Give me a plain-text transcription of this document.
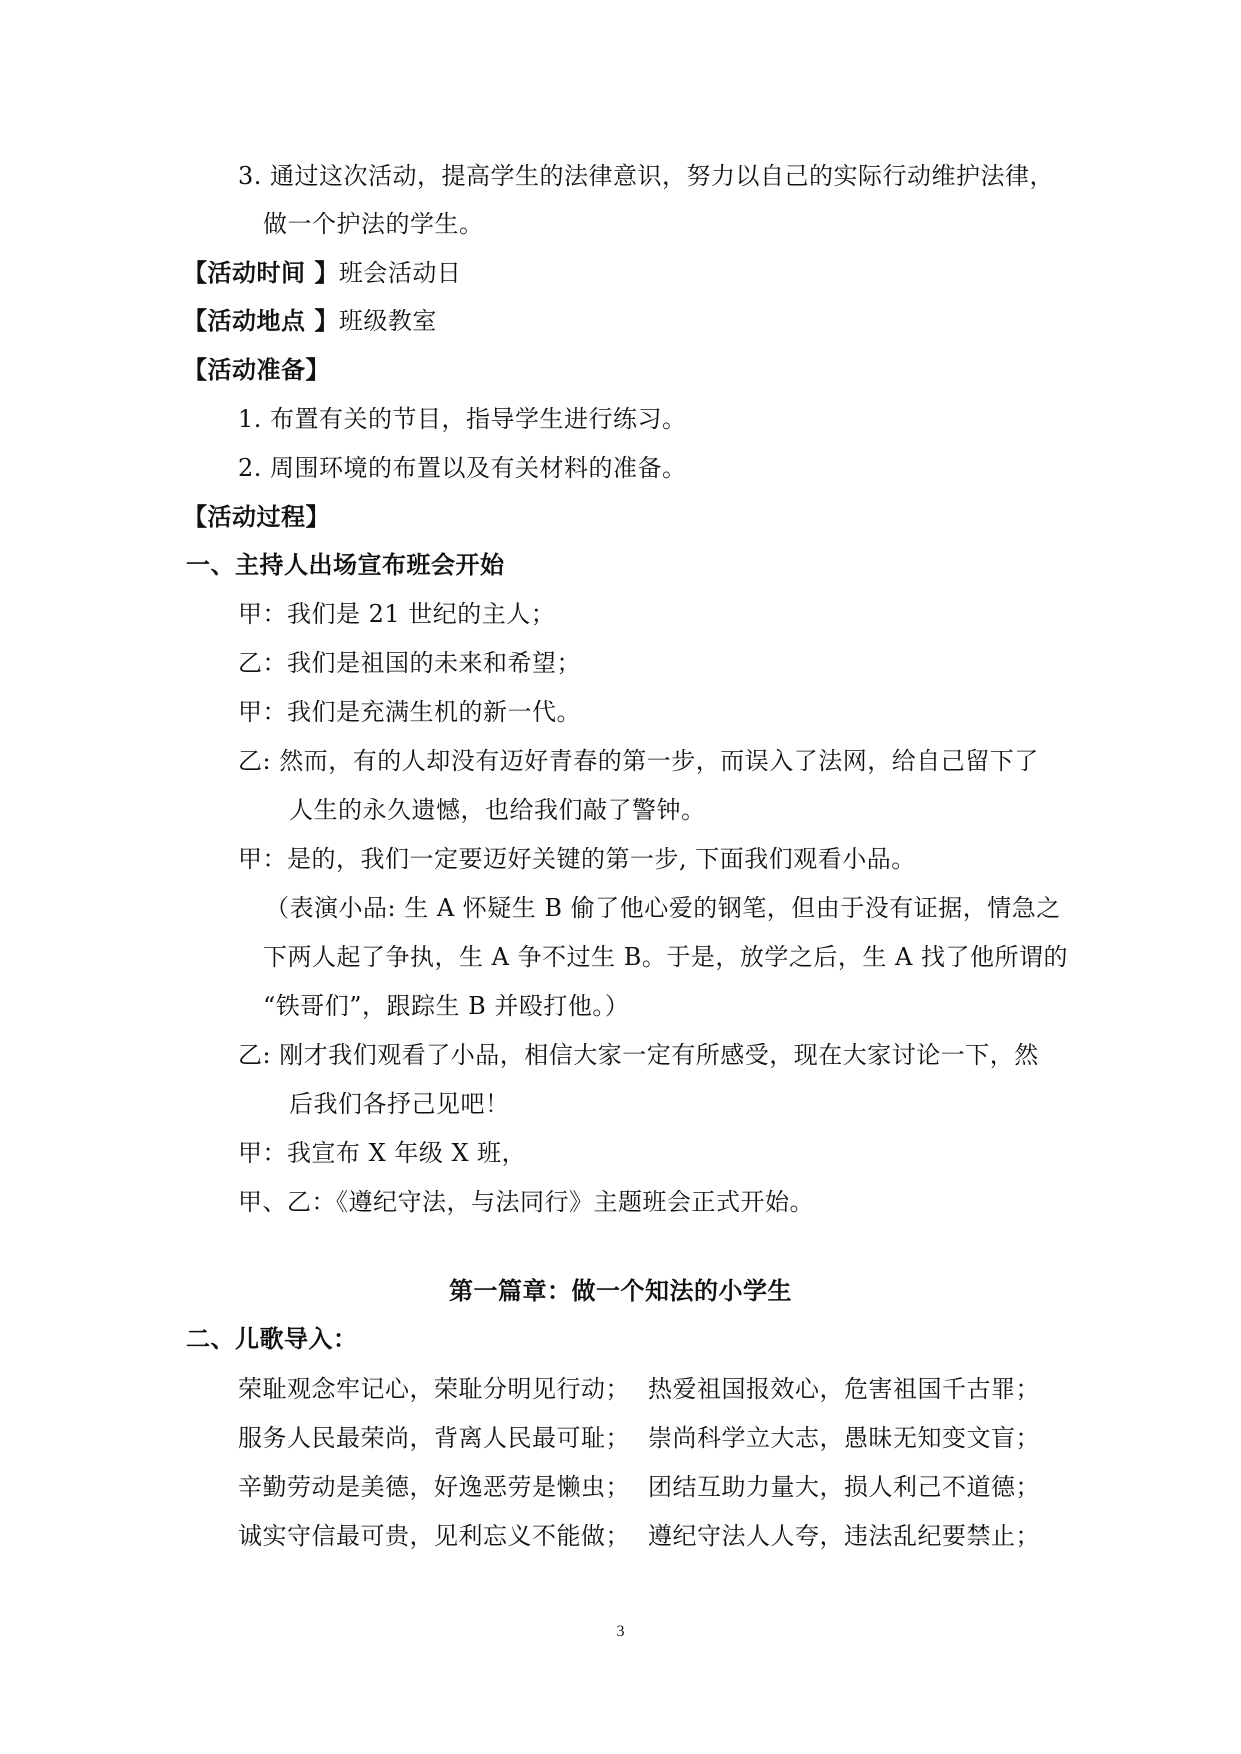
3. 通过这次活动，提高学生的法律意识，努力以自己的实际行动维护法律，
做一个护法的学生。
【活动时间 】班会活动日
【活动地点 】班级教室
【活动准备】
1. 布置有关的节目，指导学生进行练习。
2. 周围环境的布置以及有关材料的准备。
【活动过程】
一、主持人出场宣布班会开始
甲：我们是 21 世纪的主人；
乙：我们是祖国的未来和希望；
甲：我们是充满生机的新一代。
乙: 然而，有的人却没有迈好青春的第一步，而误入了法网，给自己留下了
人生的永久遗憾，也给我们敲了警钟。
甲：是的，我们一定要迈好关键的第一步, 下面我们观看小品。
（表演小品: 生 A 怀疑生 B 偷了他心爱的钢笔，但由于没有证据，情急之
下两人起了争执，生 A 争不过生 B。于是，放学之后，生 A 找了他所谓的
“铁哥们”，跟踪生 B 并殴打他。）
乙: 刚才我们观看了小品，相信大家一定有所感受，现在大家讨论一下，然
后我们各抒己见吧！
甲：我宣布 X 年级 X 班，
甲、乙：《遵纪守法，与法同行》主题班会正式开始。
第一篇章：做一个知法的小学生
二、儿歌导入：
荣耻观念牢记心，荣耻分明见行动； 热爱祖国报效心，危害祖国千古罪；
服务人民最荣尚，背离人民最可耻； 崇尚科学立大志，愚昧无知变文盲；
辛勤劳动是美德，好逸恶劳是懒虫； 团结互助力量大，损人利己不道德；
诚实守信最可贵，见利忘义不能做； 遵纪守法人人夸，违法乱纪要禁止；
3
